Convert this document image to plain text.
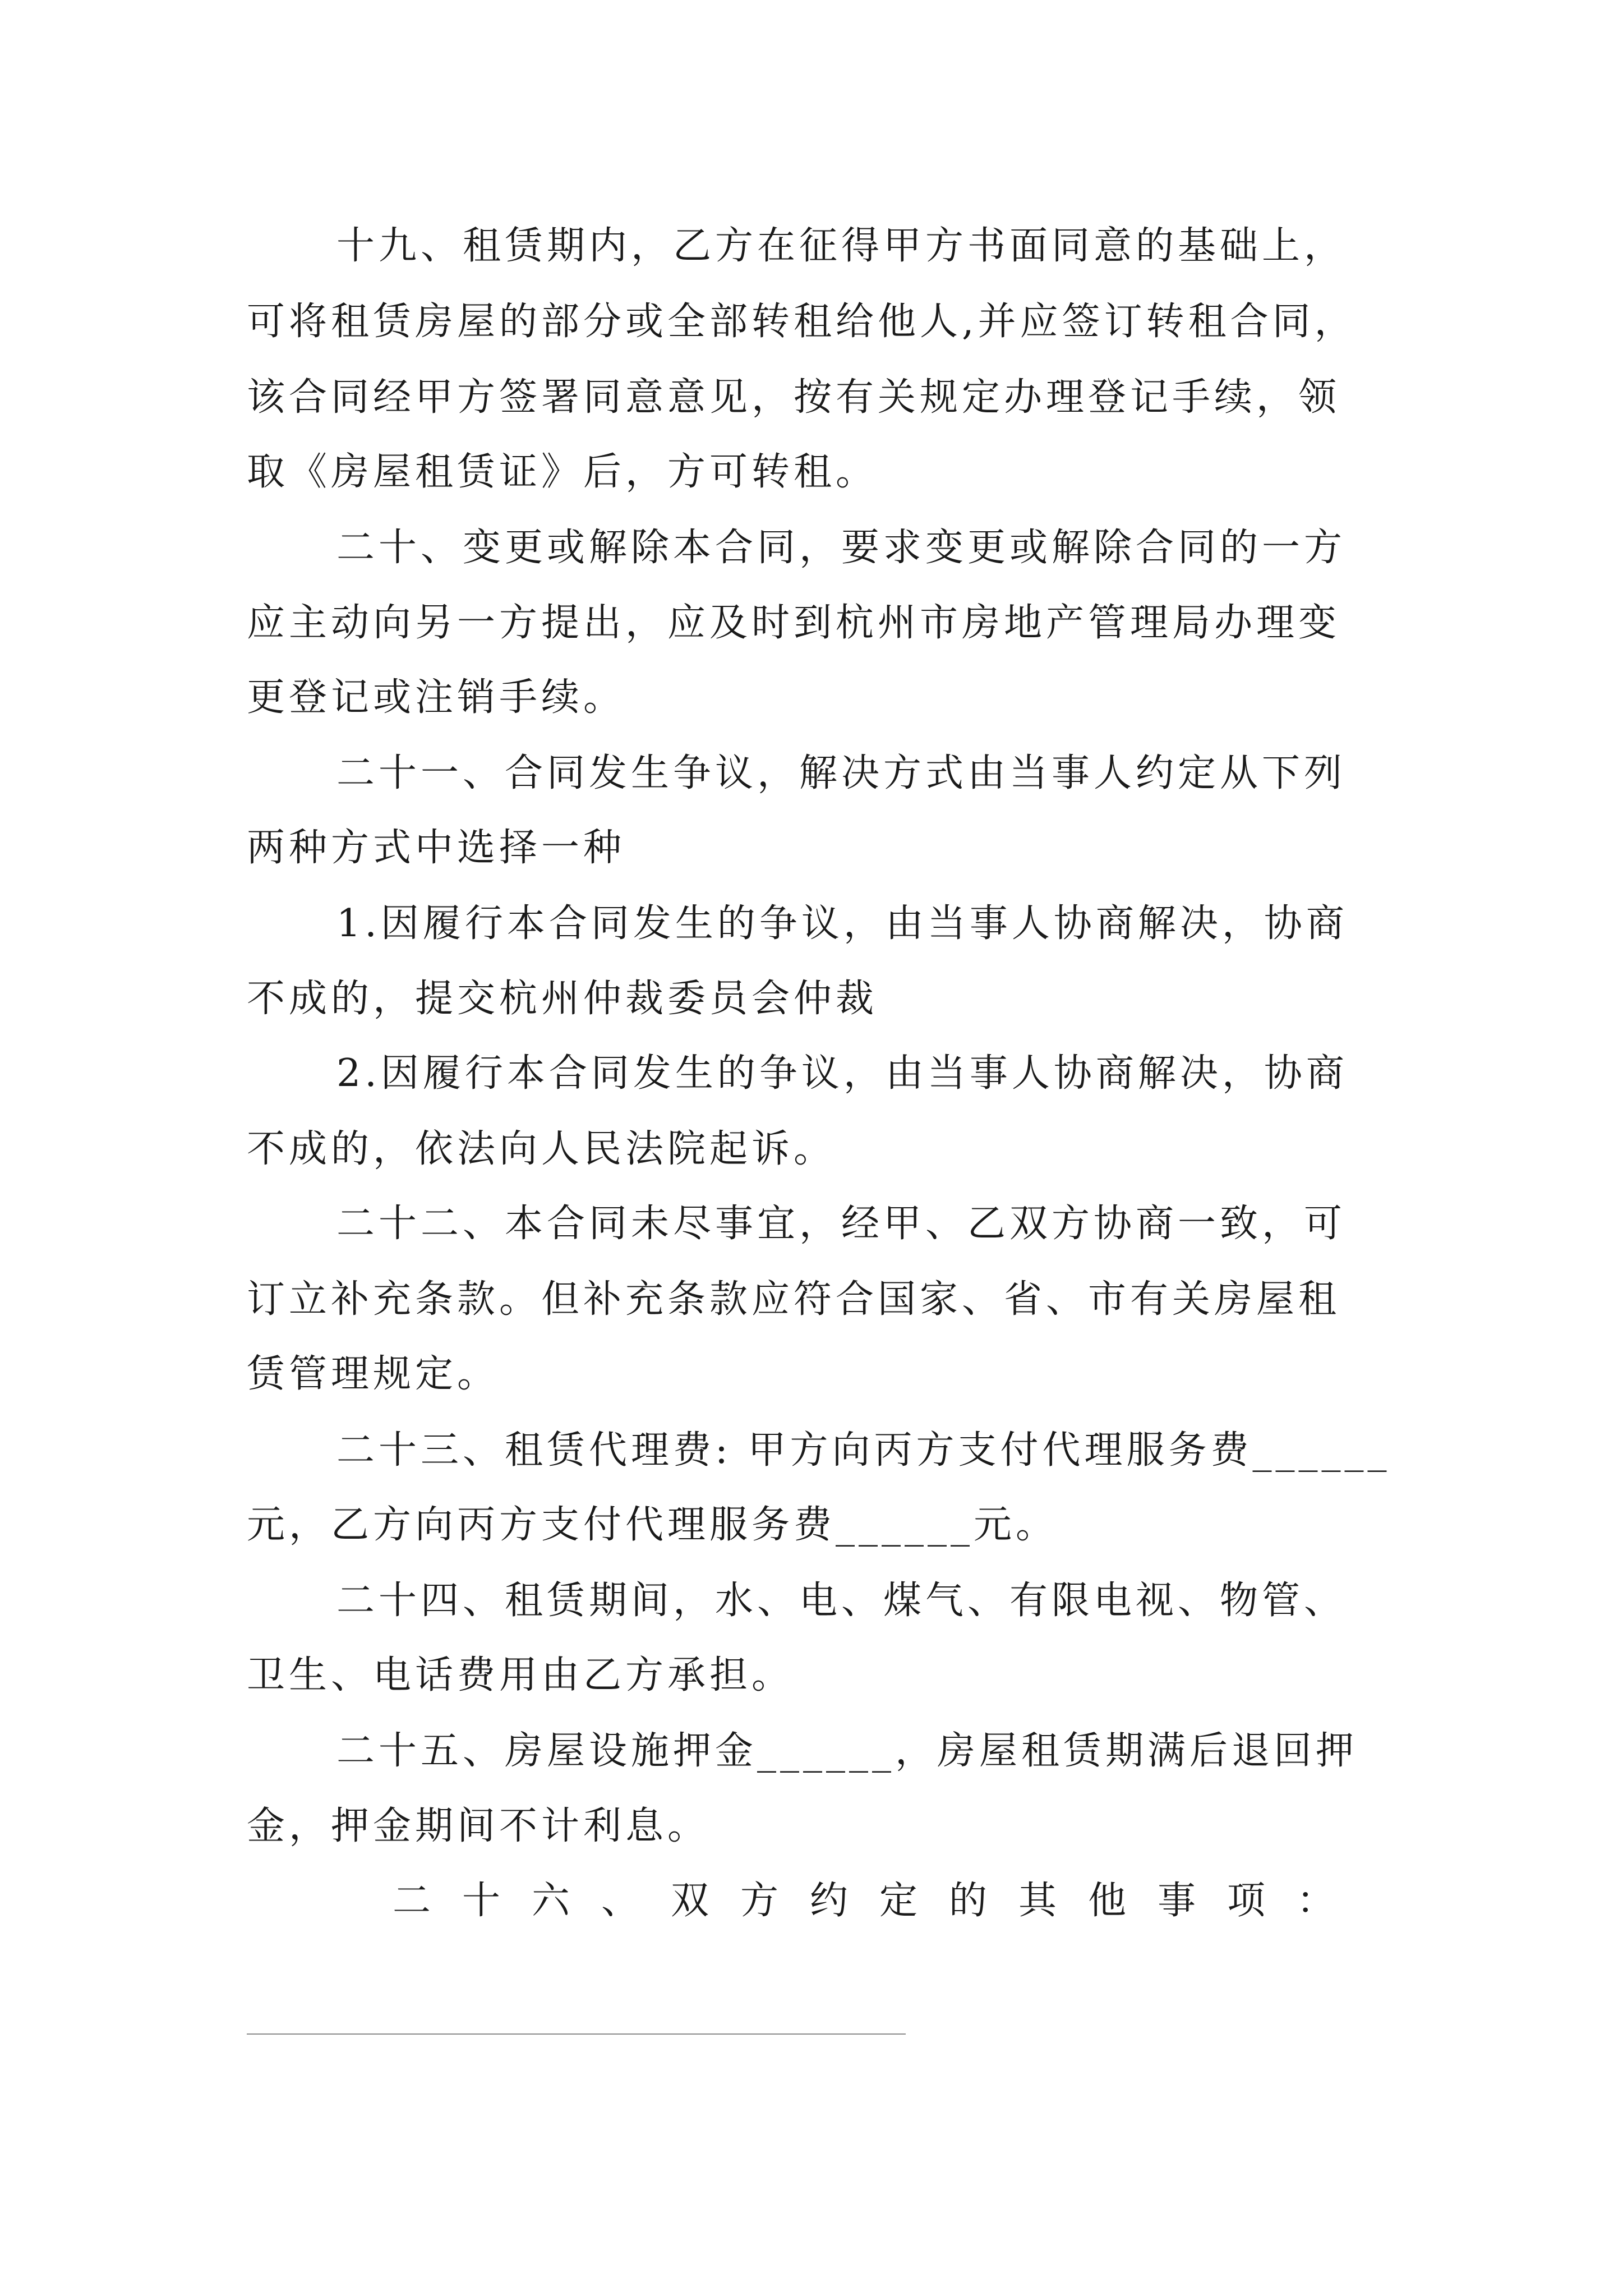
十九、租赁期内，乙方在征得甲方书面同意的基础上，
可将租赁房屋的部分或全部转租给他人,并应签订转租合同，
该合同经甲方签署同意意见，按有关规定办理登记手续，领
取《房屋租赁证》后，方可转租。
二十、变更或解除本合同，要求变更或解除合同的一方
应主动向另一方提出，应及时到杭州市房地产管理局办理变
更登记或注销手续。
二十一、合同发生争议，解决方式由当事人约定从下列
两种方式中选择一种
1.因履行本合同发生的争议，由当事人协商解决，协商
不成的，提交杭州仲裁委员会仲裁
2.因履行本合同发生的争议，由当事人协商解决，协商
不成的，依法向人民法院起诉。
二十二、本合同未尽事宜，经甲、乙双方协商一致，可
订立补充条款。但补充条款应符合国家、省、市有关房屋租
赁管理规定。
二十三、租赁代理费: 甲方向丙方支付代理服务费______
元，乙方向丙方支付代理服务费______元。
二十四、租赁期间，水、电、煤气、有限电视、物管、
卫生、电话费用由乙方承担。
二十五、房屋设施押金______，房屋租赁期满后退回押
金，押金期间不计利息。
二十六、双方约定的其他事项：
